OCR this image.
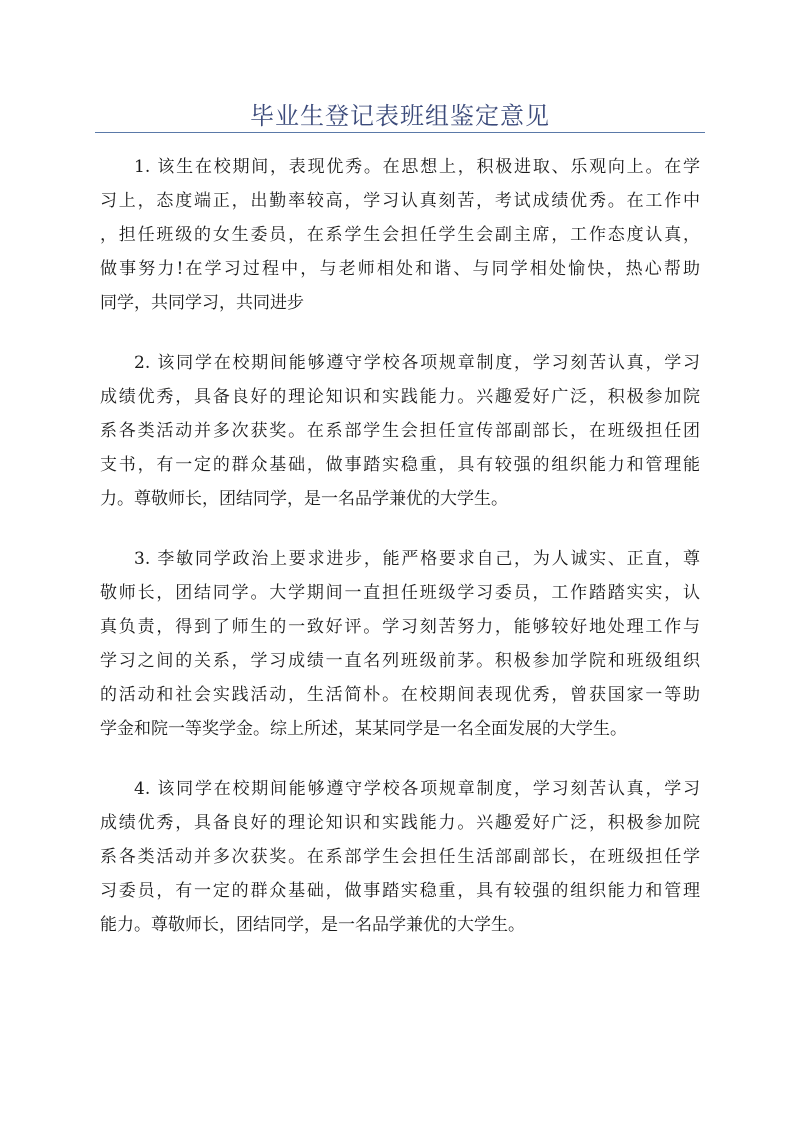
毕业生登记表班组鉴定意见
1. 该生在校期间，表现优秀。在思想上，积极进取、乐观向上。在学
习上，态度端正，出勤率较高，学习认真刻苦，考试成绩优秀。在工作中
，担任班级的女生委员，在系学生会担任学生会副主席，工作态度认真，
做事努力!在学习过程中，与老师相处和谐、与同学相处愉快，热心帮助
同学，共同学习，共同进步
2. 该同学在校期间能够遵守学校各项规章制度，学习刻苦认真，学习
成绩优秀，具备良好的理论知识和实践能力。兴趣爱好广泛，积极参加院
系各类活动并多次获奖。在系部学生会担任宣传部副部长，在班级担任团
支书，有一定的群众基础，做事踏实稳重，具有较强的组织能力和管理能
力。尊敬师长，团结同学，是一名品学兼优的大学生。
3. 李敏同学政治上要求进步，能严格要求自己，为人诚实、正直，尊
敬师长，团结同学。大学期间一直担任班级学习委员，工作踏踏实实，认
真负责，得到了师生的一致好评。学习刻苦努力，能够较好地处理工作与
学习之间的关系，学习成绩一直名列班级前茅。积极参加学院和班级组织
的活动和社会实践活动，生活简朴。在校期间表现优秀，曾获国家一等助
学金和院一等奖学金。综上所述，某某同学是一名全面发展的大学生。
4. 该同学在校期间能够遵守学校各项规章制度，学习刻苦认真，学习
成绩优秀，具备良好的理论知识和实践能力。兴趣爱好广泛，积极参加院
系各类活动并多次获奖。在系部学生会担任生活部副部长，在班级担任学
习委员，有一定的群众基础，做事踏实稳重，具有较强的组织能力和管理
能力。尊敬师长，团结同学，是一名品学兼优的大学生。
